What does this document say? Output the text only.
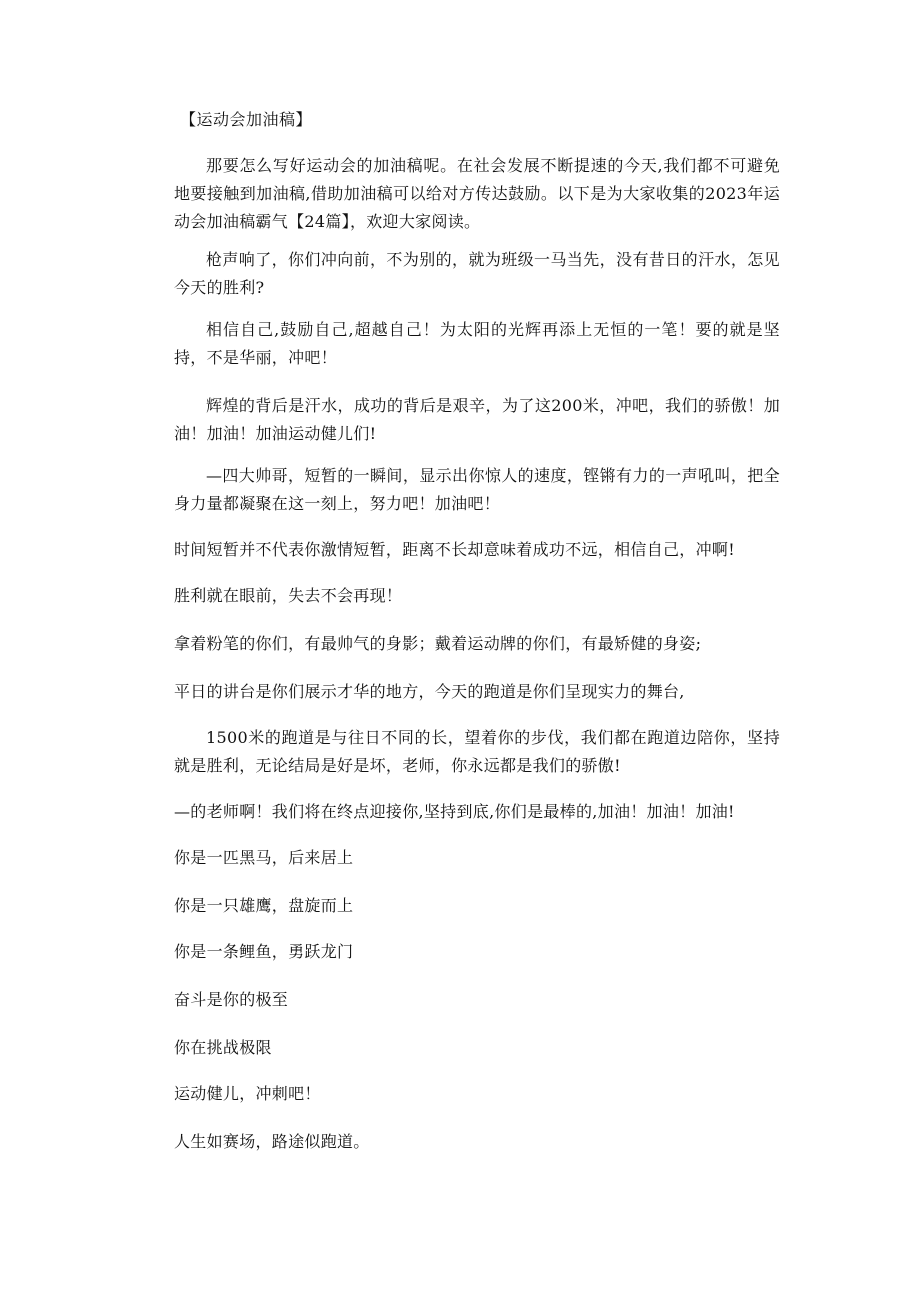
【运动会加油稿】

那要怎么写好运动会的加油稿呢。在社会发展不断提速的今天,我们都不可避免地要接触到加油稿,借助加油稿可以给对方传达鼓励。以下是为大家收集的2023年运动会加油稿霸气【24篇】，欢迎大家阅读。

枪声响了，你们冲向前，不为别的，就为班级一马当先，没有昔日的汗水，怎见今天的胜利?

相信自己,鼓励自己,超越自己！为太阳的光辉再添上无恒的一笔！要的就是坚持，不是华丽，冲吧！

辉煌的背后是汗水，成功的背后是艰辛，为了这200米，冲吧，我们的骄傲！加油！加油！加油运动健儿们!

—四大帅哥，短暂的一瞬间，显示出你惊人的速度，铿锵有力的一声吼叫，把全身力量都凝聚在这一刻上，努力吧！加油吧！

时间短暂并不代表你激情短暂，距离不长却意味着成功不远，相信自己，冲啊!

胜利就在眼前，失去不会再现！

拿着粉笔的你们，有最帅气的身影；戴着运动牌的你们，有最矫健的身姿;

平日的讲台是你们展示才华的地方，今天的跑道是你们呈现实力的舞台,

1500米的跑道是与往日不同的长，望着你的步伐，我们都在跑道边陪你，坚持就是胜利，无论结局是好是坏，老师，你永远都是我们的骄傲!

—的老师啊！我们将在终点迎接你,坚持到底,你们是最棒的,加油！加油！加油!

你是一匹黑马，后来居上

你是一只雄鹰，盘旋而上

你是一条鲤鱼，勇跃龙门

奋斗是你的极至

你在挑战极限

运动健儿，冲刺吧！

人生如赛场，路途似跑道。
